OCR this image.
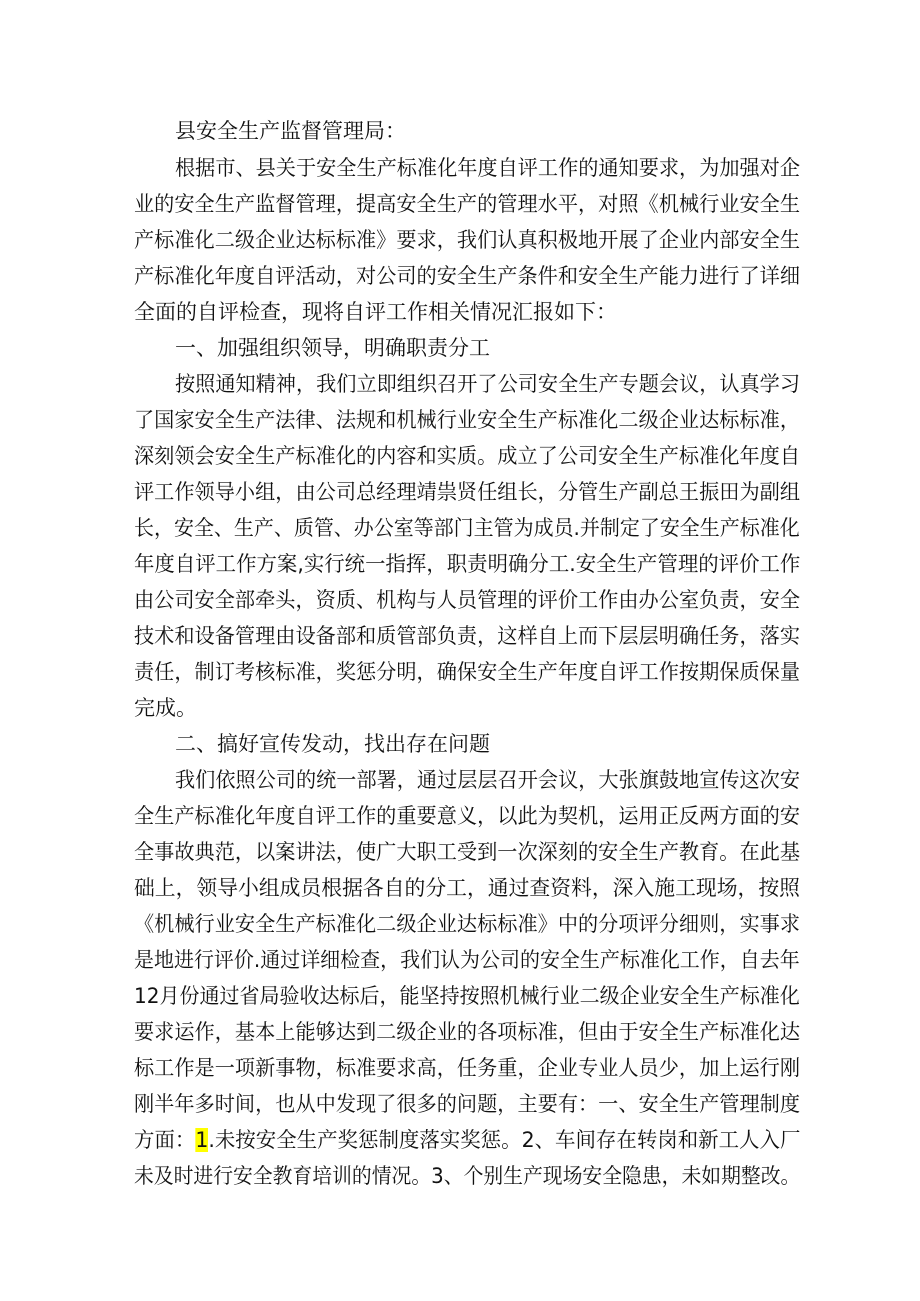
县安全生产监督管理局：
根据市、县关于安全生产标准化年度自评工作的通知要求，为加强对企
业的安全生产监督管理，提高安全生产的管理水平，对照《机械行业安全生
产标准化二级企业达标标准》要求，我们认真积极地开展了企业内部安全生
产标准化年度自评活动，对公司的安全生产条件和安全生产能力进行了详细
全面的自评检查，现将自评工作相关情况汇报如下：
一、加强组织领导，明确职责分工
按照通知精神，我们立即组织召开了公司安全生产专题会议，认真学习
了国家安全生产法律、法规和机械行业安全生产标准化二级企业达标标准，
深刻领会安全生产标准化的内容和实质。成立了公司安全生产标准化年度自
评工作领导小组，由公司总经理靖祟贤任组长，分管生产副总王振田为副组
长，安全、生产、质管、办公室等部门主管为成员.并制定了安全生产标准化
年度自评工作方案,实行统一指挥，职责明确分工.安全生产管理的评价工作
由公司安全部牵头，资质、机构与人员管理的评价工作由办公室负责，安全
技术和设备管理由设备部和质管部负责，这样自上而下层层明确任务，落实
责任，制订考核标准，奖惩分明，确保安全生产年度自评工作按期保质保量
完成。
二、搞好宣传发动，找出存在问题
我们依照公司的统一部署，通过层层召开会议，大张旗鼓地宣传这次安
全生产标准化年度自评工作的重要意义，以此为契机，运用正反两方面的安
全事故典范，以案讲法，使广大职工受到一次深刻的安全生产教育。在此基
础上，领导小组成员根据各自的分工，通过查资料，深入施工现场，按照
《机械行业安全生产标准化二级企业达标标准》中的分项评分细则，实事求
是地进行评价.通过详细检查，我们认为公司的安全生产标准化工作，自去年
12月份通过省局验收达标后，能坚持按照机械行业二级企业安全生产标准化
要求运作，基本上能够达到二级企业的各项标准，但由于安全生产标准化达
标工作是一项新事物，标准要求高，任务重，企业专业人员少，加上运行刚
刚半年多时间，也从中发现了很多的问题，主要有：一、安全生产管理制度
方面：1.未按安全生产奖惩制度落实奖惩。2、车间存在转岗和新工人入厂
未及时进行安全教育培训的情况。3、个别生产现场安全隐患，未如期整改。
